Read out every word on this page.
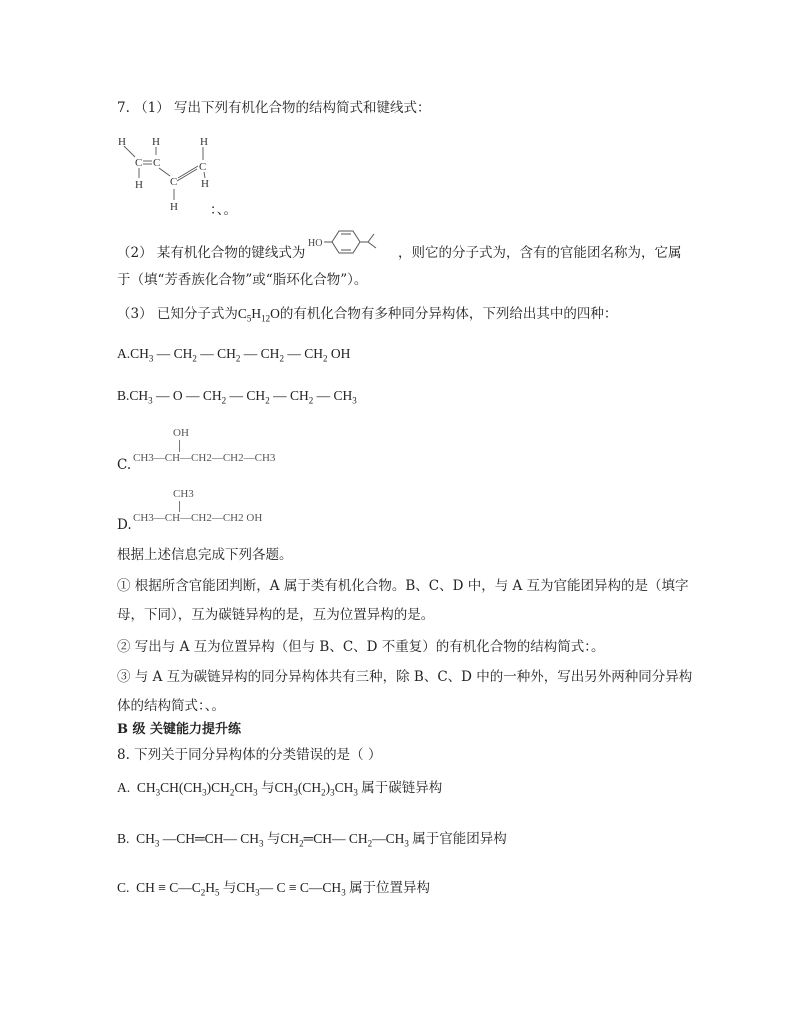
7. （1） 写出下列有机化合物的结构简式和键线式：
H H	H
C C	C
H C H
H ：、。
（2） 某有机化合物的键线式为
HO
，则它的分子式为，含有的官能团名称为，它属
于（填“芳香族化合物”或“脂环化合物”）。
（3） 已知分子式为$C_5H_{12}O$的有机化合物有多种同分异构体，下列给出其中的四种：
$A.CH_3$ — $CH_2$ — $CH_2$ — $CH_2$ — $CH_2$ OH
$B.CH_3$ — O — $CH_2$ — $CH_2$ — $CH_2$ — $CH_3$
OH
C. CH3—CH—CH2—CH2—CH3
CH3
D. CH3—CH—CH2—CH2 OH
根据上述信息完成下列各题。
① 根据所含官能团判断，A 属于类有机化合物。B、C、D 中，与 A 互为官能团异构的是（填字
母，下同），互为碳链异构的是，互为位置异构的是。
② 写出与 A 互为位置异构（但与 B、C、D 不重复）的有机化合物的结构简式：。
③ 与 A 互为碳链异构的同分异构体共有三种，除 B、C、D 中的一种外，写出另外两种同分异构
体的结构简式：、。
B 级 关键能力提升练
8. 下列关于同分异构体的分类错误的是（ ）
A.  $CH_3CH(CH_3)CH_2CH_3$ 与$CH_3(CH_2)_3CH_3$ 属于碳链异构
B.  $CH_3$ —CH═CH— $CH_3$ 与$CH_2═CH—$ $CH_2—CH_3$ 属于官能团异构
C.  CH ≡ $C—C_2H_5$ 与$CH_3—$ $C \equiv C—CH_3$ 属于位置异构
